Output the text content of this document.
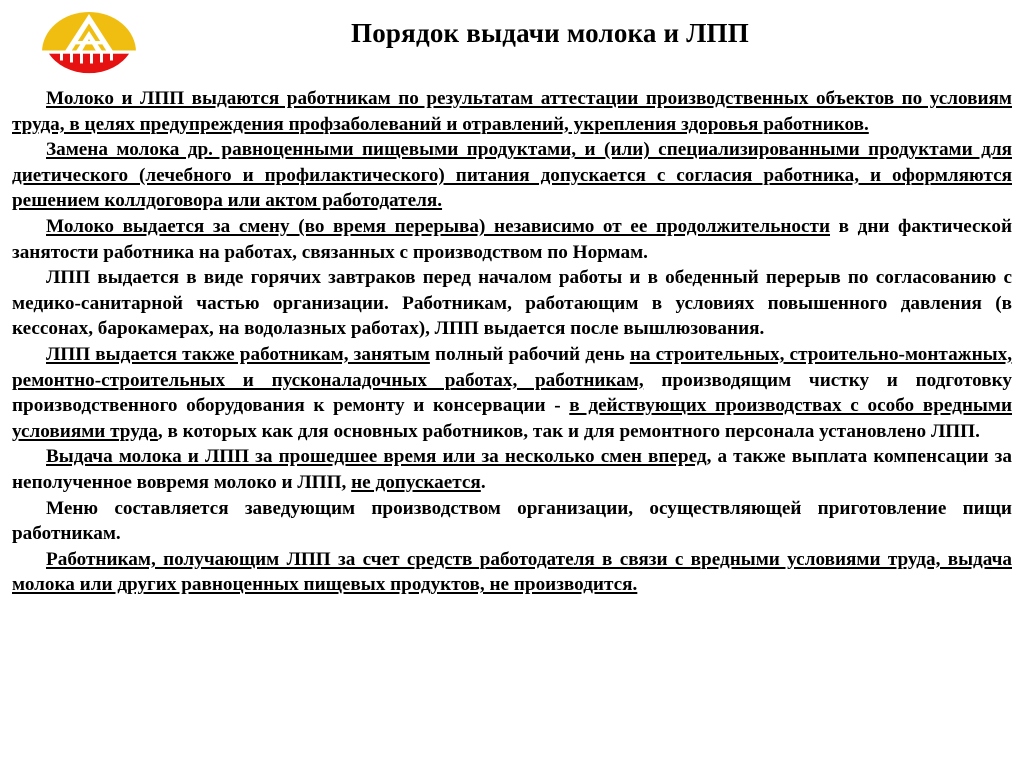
Порядок выдачи молока и ЛПП

Молоко и ЛПП выдаются работникам по результатам аттестации производственных объектов по условиям труда, в целях предупреждения профзаболеваний и отравлений, укрепления здоровья работников.

Замена молока др. равноценными пищевыми продуктами, и (или) специализированными продуктами для диетического (лечебного и профилактического) питания допускается с согласия работника, и оформляются решением коллдоговора или актом работодателя.

Молоко выдается за смену (во время перерыва) независимо от ее продолжительности в дни фактической занятости работника на работах, связанных с производством по Нормам.

ЛПП выдается в виде горячих завтраков перед началом работы и в обеденный перерыв по согласованию с медико-санитарной частью организации. Работникам, работающим в условиях повышенного давления (в кессонах, барокамерах, на водолазных работах), ЛПП выдается после вышлюзования.

ЛПП выдается также работникам, занятым полный рабочий день на строительных, строительно-монтажных, ремонтно-строительных и пусконаладочных работах, работникам, производящим чистку и подготовку производственного оборудования к ремонту и консервации - в действующих производствах с особо вредными условиями труда, в которых как для основных работников, так и для ремонтного персонала установлено ЛПП.

Выдача молока и ЛПП за прошедшее время или за несколько смен вперед, а также выплата компенсации за неполученное вовремя молоко и ЛПП, не допускается.

Меню составляется заведующим производством организации, осуществляющей приготовление пищи работникам.

Работникам, получающим ЛПП за счет средств работодателя в связи с вредными условиями труда, выдача молока или других равноценных пищевых продуктов, не производится.
